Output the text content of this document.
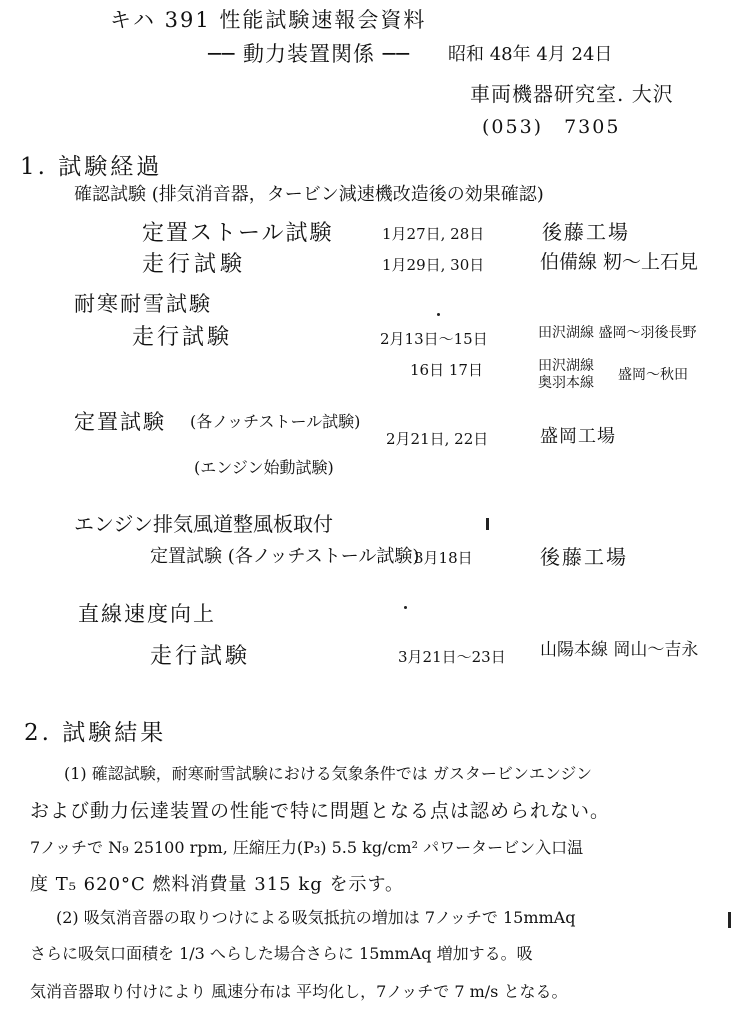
キハ 391 性能試験速報会資料
── 動力装置関係 ── 昭和 48年 4月 24日
車両機器研究室. 大沢
(053)　7305
1. 試験経過
確認試験 (排気消音器，タービン減速機改造後の効果確認)
定置ストール試験	1月27日, 28日	後藤工場
走行試験	1月29日, 30日	伯備線 籾〜上石見
耐寒耐雪試験
走行試験	2月13日〜15日	田沢湖線 盛岡〜羽後長野
16日 17日	田沢湖線
奥羽本線 盛岡〜秋田
定置試験 (各ノッチストール試験)
2月21日, 22日	盛岡工場
(エンジン始動試験)
エンジン排気風道整風板取付
定置試験 (各ノッチストール試験)
3月18日	後藤工場
直線速度向上
走行試験	3月21日〜23日 山陽本線 岡山〜吉永
2. 試験結果
(1) 確認試験，耐寒耐雪試験における気象条件では ガスタービンエンジン
および動力伝達装置の性能で特に問題となる点は認められない。
7ノッチで N₉ 25100 rpm, 圧縮圧力(P₃) 5.5 kg/cm² パワータービン入口温
度 T₅ 620°C 燃料消費量 315 kg を示す。
(2) 吸気消音器の取りつけによる吸気抵抗の増加は 7ノッチで 15mmAq
さらに吸気口面積を 1/3 へらした場合さらに 15mmAq 増加する。吸
気消音器取り付けにより 風速分布は 平均化し，7ノッチで 7 m/s となる。
